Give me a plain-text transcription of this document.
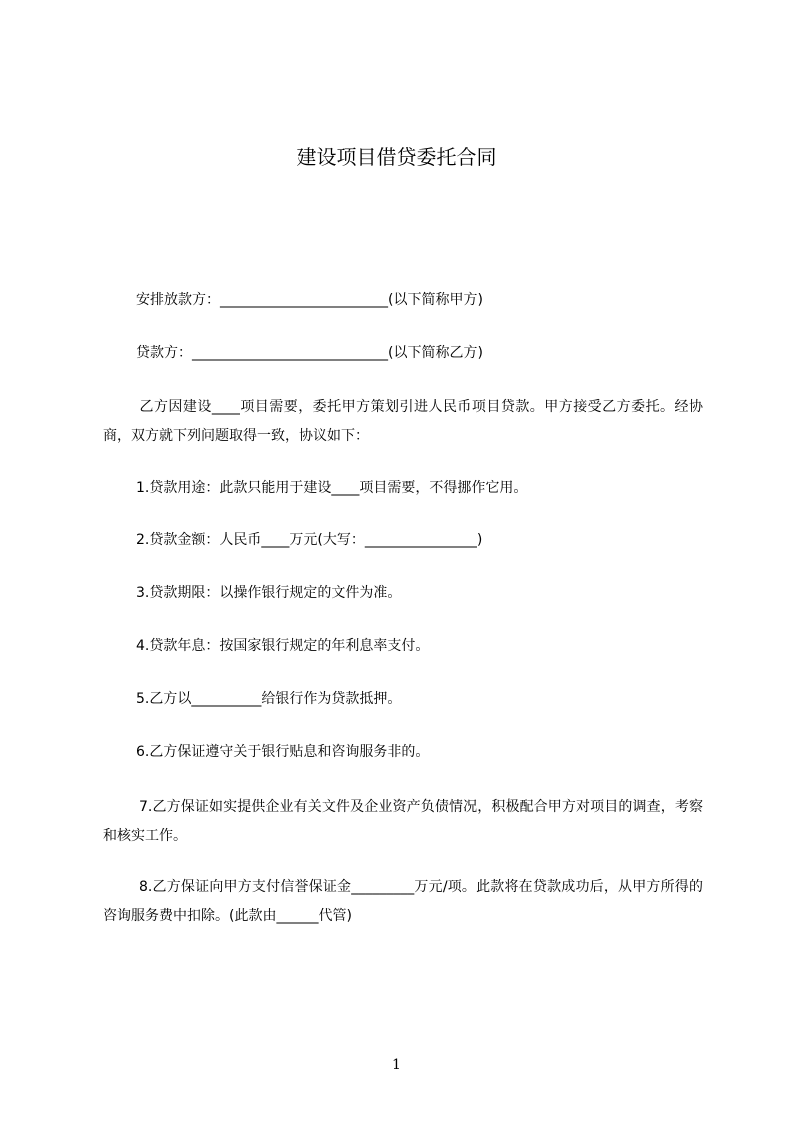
建设项目借贷委托合同

安排放款方：________________________(以下简称甲方)

贷款方：____________________________(以下简称乙方)

乙方因建设____项目需要，委托甲方策划引进人民币项目贷款。甲方接受乙方委托。经协商，双方就下列问题取得一致，协议如下：

1.贷款用途：此款只能用于建设____项目需要，不得挪作它用。

2.贷款金额：人民币____万元(大写：________________)

3.贷款期限：以操作银行规定的文件为准。

4.贷款年息：按国家银行规定的年利息率支付。

5.乙方以__________给银行作为贷款抵押。

6.乙方保证遵守关于银行贴息和咨询服务非的。

7.乙方保证如实提供企业有关文件及企业资产负债情况，积极配合甲方对项目的调查，考察和核实工作。

8.乙方保证向甲方支付信誉保证金_________万元/项。此款将在贷款成功后，从甲方所得的咨询服务费中扣除。(此款由______代管)

1
